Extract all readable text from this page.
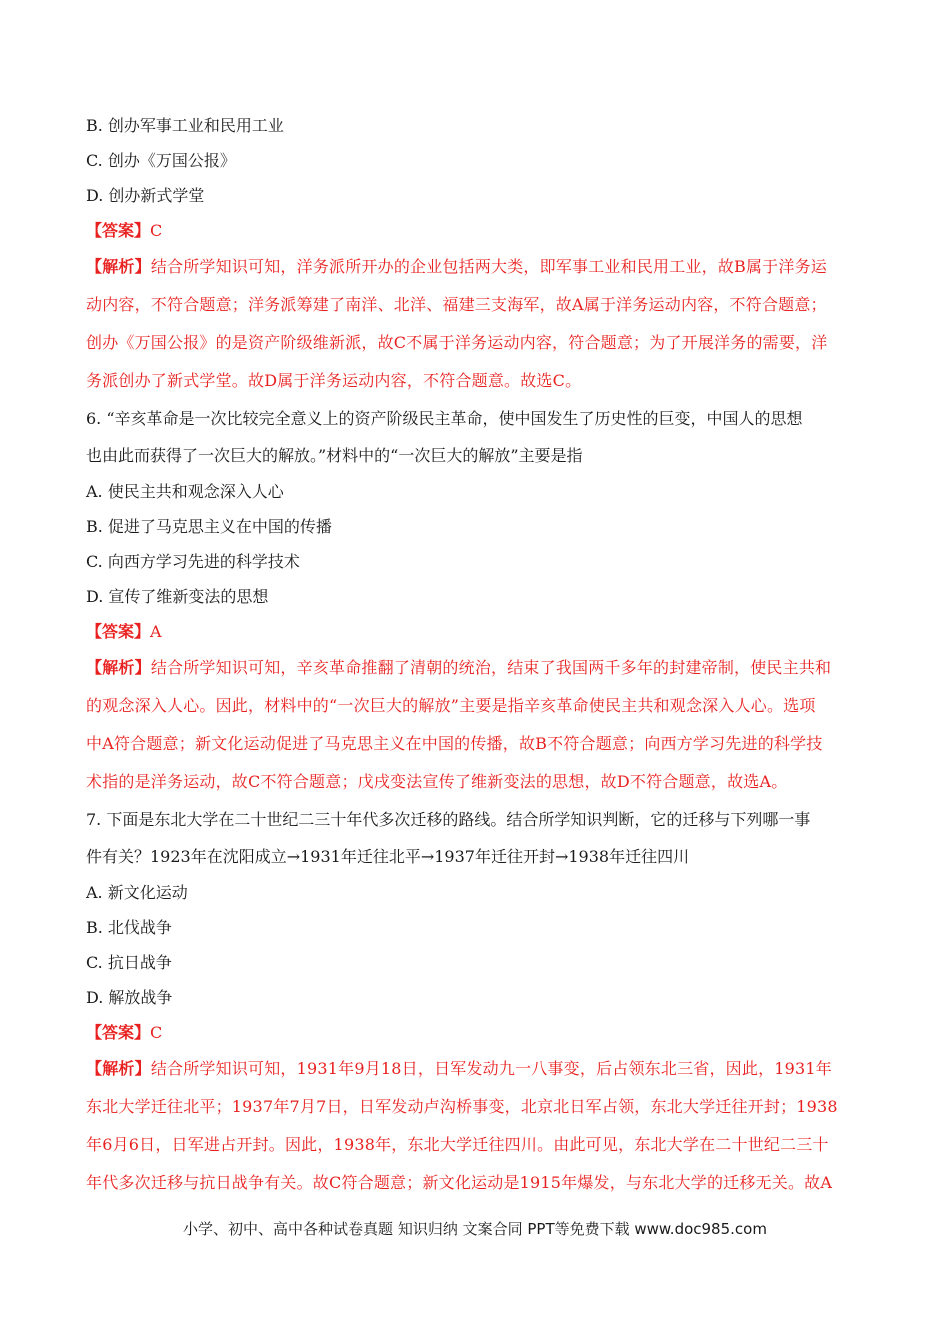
B. 创办军事工业和民用工业
C. 创办《万国公报》
D. 创办新式学堂
【答案】C
【解析】结合所学知识可知，洋务派所开办的企业包括两大类，即军事工业和民用工业，故B属于洋务运
动内容，不符合题意；洋务派筹建了南洋、北洋、福建三支海军，故A属于洋务运动内容，不符合题意；
创办《万国公报》的是资产阶级维新派，故C不属于洋务运动内容，符合题意；为了开展洋务的需要，洋
务派创办了新式学堂。故D属于洋务运动内容，不符合题意。故选C。
6. “辛亥革命是一次比较完全意义上的资产阶级民主革命，使中国发生了历史性的巨变，中国人的思想
也由此而获得了一次巨大的解放。”材料中的“一次巨大的解放”主要是指
A. 使民主共和观念深入人心
B. 促进了马克思主义在中国的传播
C. 向西方学习先进的科学技术
D. 宣传了维新变法的思想
【答案】A
【解析】结合所学知识可知，辛亥革命推翻了清朝的统治，结束了我国两千多年的封建帝制，使民主共和
的观念深入人心。因此，材料中的“一次巨大的解放”主要是指辛亥革命使民主共和观念深入人心。选项
中A符合题意；新文化运动促进了马克思主义在中国的传播，故B不符合题意；向西方学习先进的科学技
术指的是洋务运动，故C不符合题意；戊戌变法宣传了维新变法的思想，故D不符合题意，故选A。
7. 下面是东北大学在二十世纪二三十年代多次迁移的路线。结合所学知识判断，它的迁移与下列哪一事
件有关？1923年在沈阳成立→1931年迁往北平→1937年迁往开封→1938年迁往四川
A. 新文化运动
B. 北伐战争
C. 抗日战争
D. 解放战争
【答案】C
【解析】结合所学知识可知，1931年9月18日，日军发动九一八事变，后占领东北三省，因此，1931年
东北大学迁往北平；1937年7月7日，日军发动卢沟桥事变，北京北日军占领，东北大学迁往开封；1938
年6月6日，日军进占开封。因此，1938年，东北大学迁往四川。由此可见，东北大学在二十世纪二三十
年代多次迁移与抗日战争有关。故C符合题意；新文化运动是1915年爆发，与东北大学的迁移无关。故A
小学、初中、高中各种试卷真题 知识归纳 文案合同 PPT等免费下载 www.doc985.com
